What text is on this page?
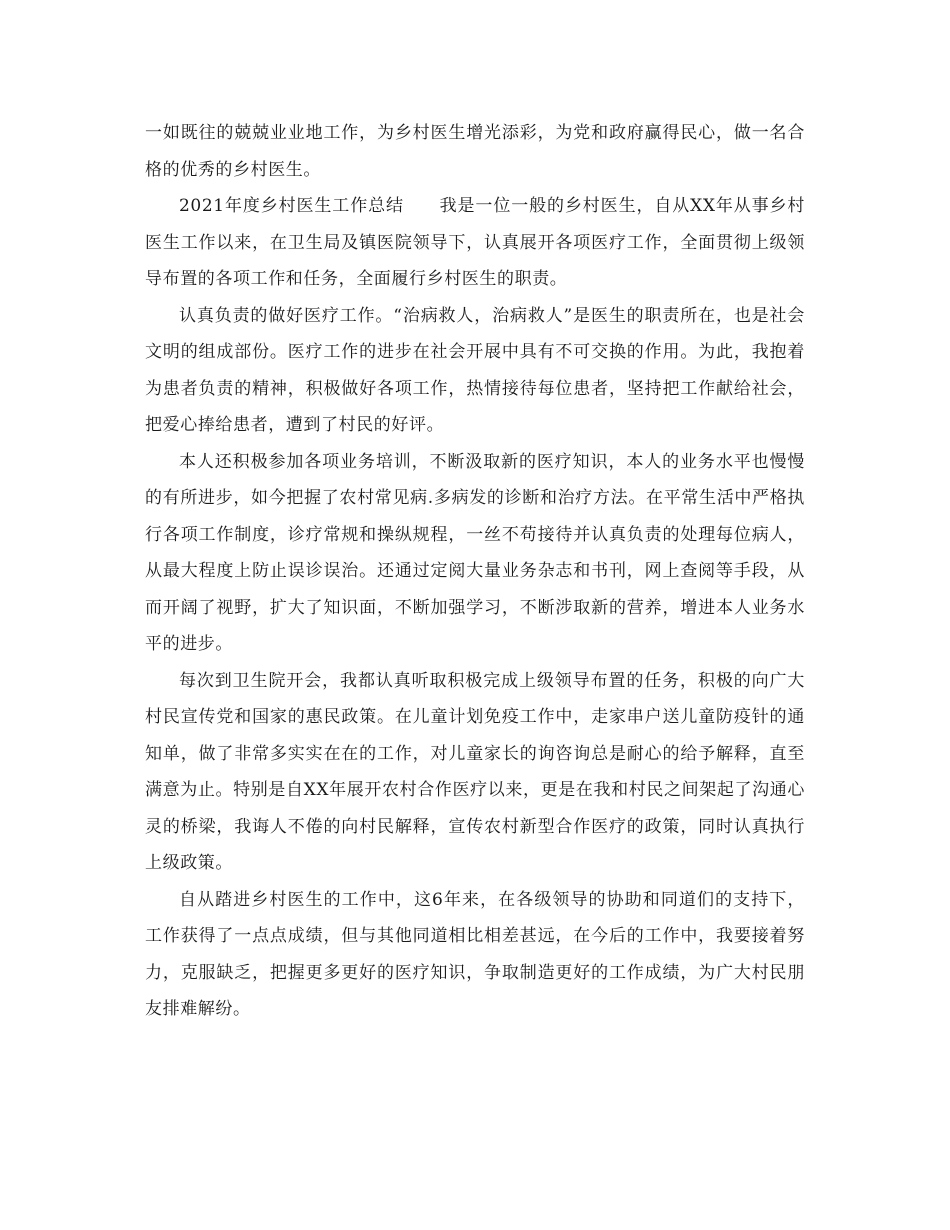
一如既往的兢兢业业地工作，为乡村医生增光添彩，为党和政府赢得民心，做一名合格的优秀的乡村医生。

2021年度乡村医生工作总结　　我是一位一般的乡村医生，自从XX年从事乡村医生工作以来，在卫生局及镇医院领导下，认真展开各项医疗工作，全面贯彻上级领导布置的各项工作和任务，全面履行乡村医生的职责。

认真负责的做好医疗工作。“治病救人，治病救人”是医生的职责所在，也是社会文明的组成部份。医疗工作的进步在社会开展中具有不可交换的作用。为此，我抱着为患者负责的精神，积极做好各项工作，热情接待每位患者，坚持把工作献给社会，把爱心捧给患者，遭到了村民的好评。

本人还积极参加各项业务培训，不断汲取新的医疗知识，本人的业务水平也慢慢的有所进步，如今把握了农村常见病.多病发的诊断和治疗方法。在平常生活中严格执行各项工作制度，诊疗常规和操纵规程，一丝不苟接待并认真负责的处理每位病人，从最大程度上防止误诊误治。还通过定阅大量业务杂志和书刊，网上查阅等手段，从而开阔了视野，扩大了知识面，不断加强学习，不断涉取新的营养，增进本人业务水平的进步。

每次到卫生院开会，我都认真听取积极完成上级领导布置的任务，积极的向广大村民宣传党和国家的惠民政策。在儿童计划免疫工作中，走家串户送儿童防疫针的通知单，做了非常多实实在在的工作，对儿童家长的询咨询总是耐心的给予解释，直至满意为止。特别是自XX年展开农村合作医疗以来，更是在我和村民之间架起了沟通心灵的桥梁，我诲人不倦的向村民解释，宣传农村新型合作医疗的政策，同时认真执行上级政策。

自从踏进乡村医生的工作中，这6年来，在各级领导的协助和同道们的支持下，工作获得了一点点成绩，但与其他同道相比相差甚远，在今后的工作中，我要接着努力，克服缺乏，把握更多更好的医疗知识，争取制造更好的工作成绩，为广大村民朋友排难解纷。
